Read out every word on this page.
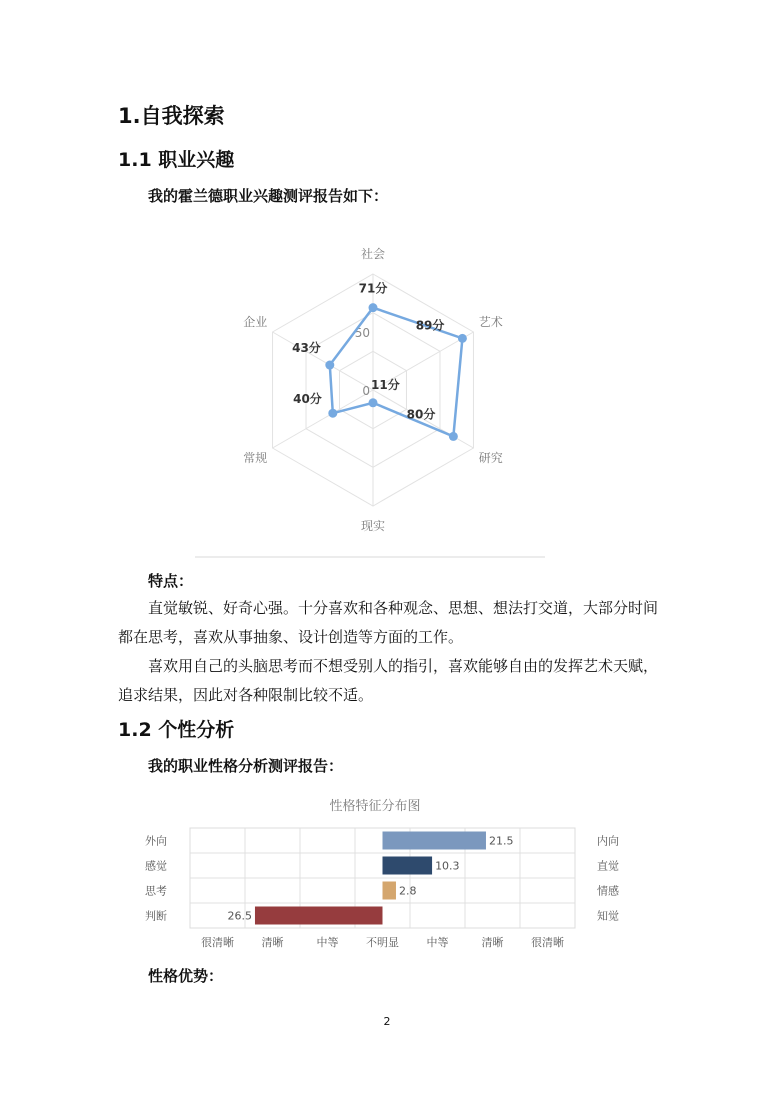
1.自我探索
1.1 职业兴趣
我的霍兰德职业兴趣测评报告如下：
社会
艺术
研究
现实
常规
企业
0
50
71分
89分
80分
11分
40分
43分
特点：
直觉敏锐、好奇心强。十分喜欢和各种观念、思想、想法打交道，大部分时间都在思考，喜欢从事抽象、设计创造等方面的工作。
喜欢用自己的头脑思考而不想受别人的指引，喜欢能够自由的发挥艺术天赋，追求结果，因此对各种限制比较不适。
1.2 个性分析
我的职业性格分析测评报告：
性格特征分布图
外向	内向
21.5
感觉	直觉
10.3
思考	情感
2.8
判断	知觉
26.5
很清晰	清晰	中等	不明显	中等	清晰	很清晰
性格优势：
2
